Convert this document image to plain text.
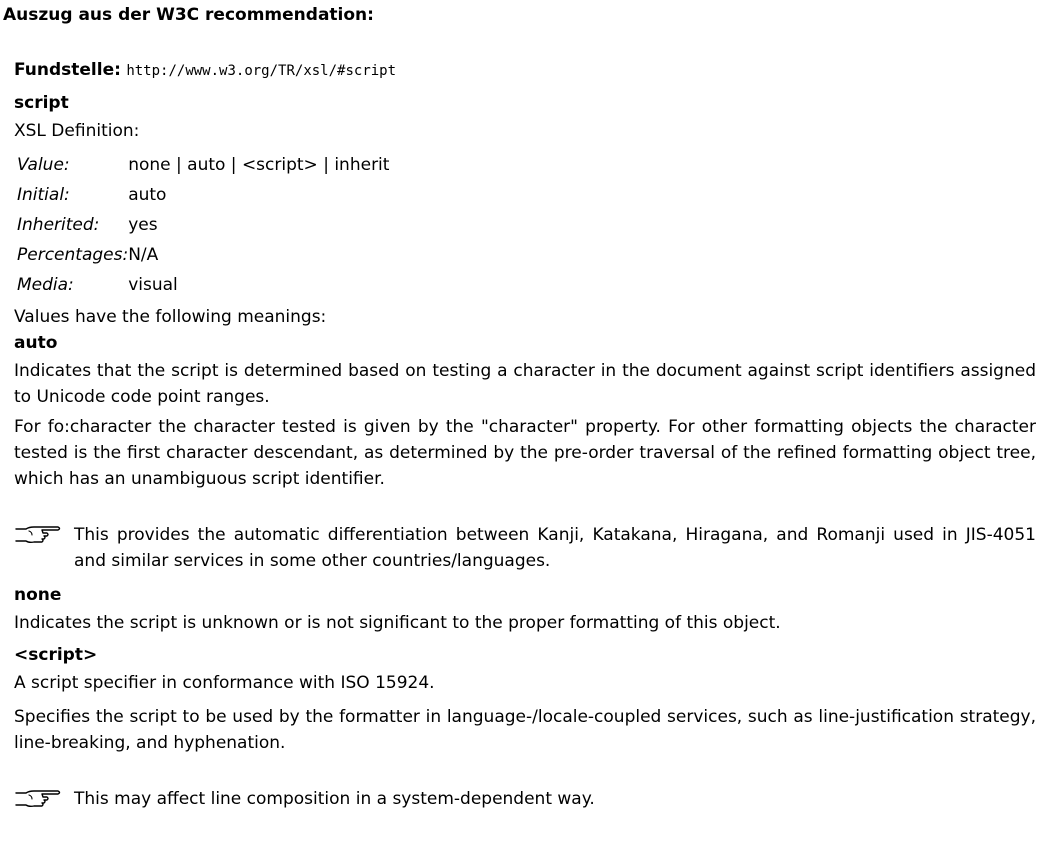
Auszug aus der W3C recommendation:
Fundstelle: http://www.w3.org/TR/xsl/#script
script
XSL Definition:
Value:	none | auto | <script> | inherit
Initial:	auto
Inherited:	yes
Percentages:	N/A
Media:	visual
Values have the following meanings:
auto
Indicates that the script is determined based on testing a character in the document against script identifiers assigned to Unicode code point ranges.
For fo:character the character tested is given by the "character" property. For other formatting objects the character tested is the first character descendant, as determined by the pre-order traversal of the refined formatting object tree, which has an unambiguous script identifier.
This provides the automatic differentiation between Kanji, Katakana, Hiragana, and Romanji used in JIS-4051 and similar services in some other countries/languages.
none
Indicates the script is unknown or is not significant to the proper formatting of this object.
<script>
A script specifier in conformance with ISO 15924.
Specifies the script to be used by the formatter in language-/locale-coupled services, such as line-justification strategy, line-breaking, and hyphenation.
This may affect line composition in a system-dependent way.
